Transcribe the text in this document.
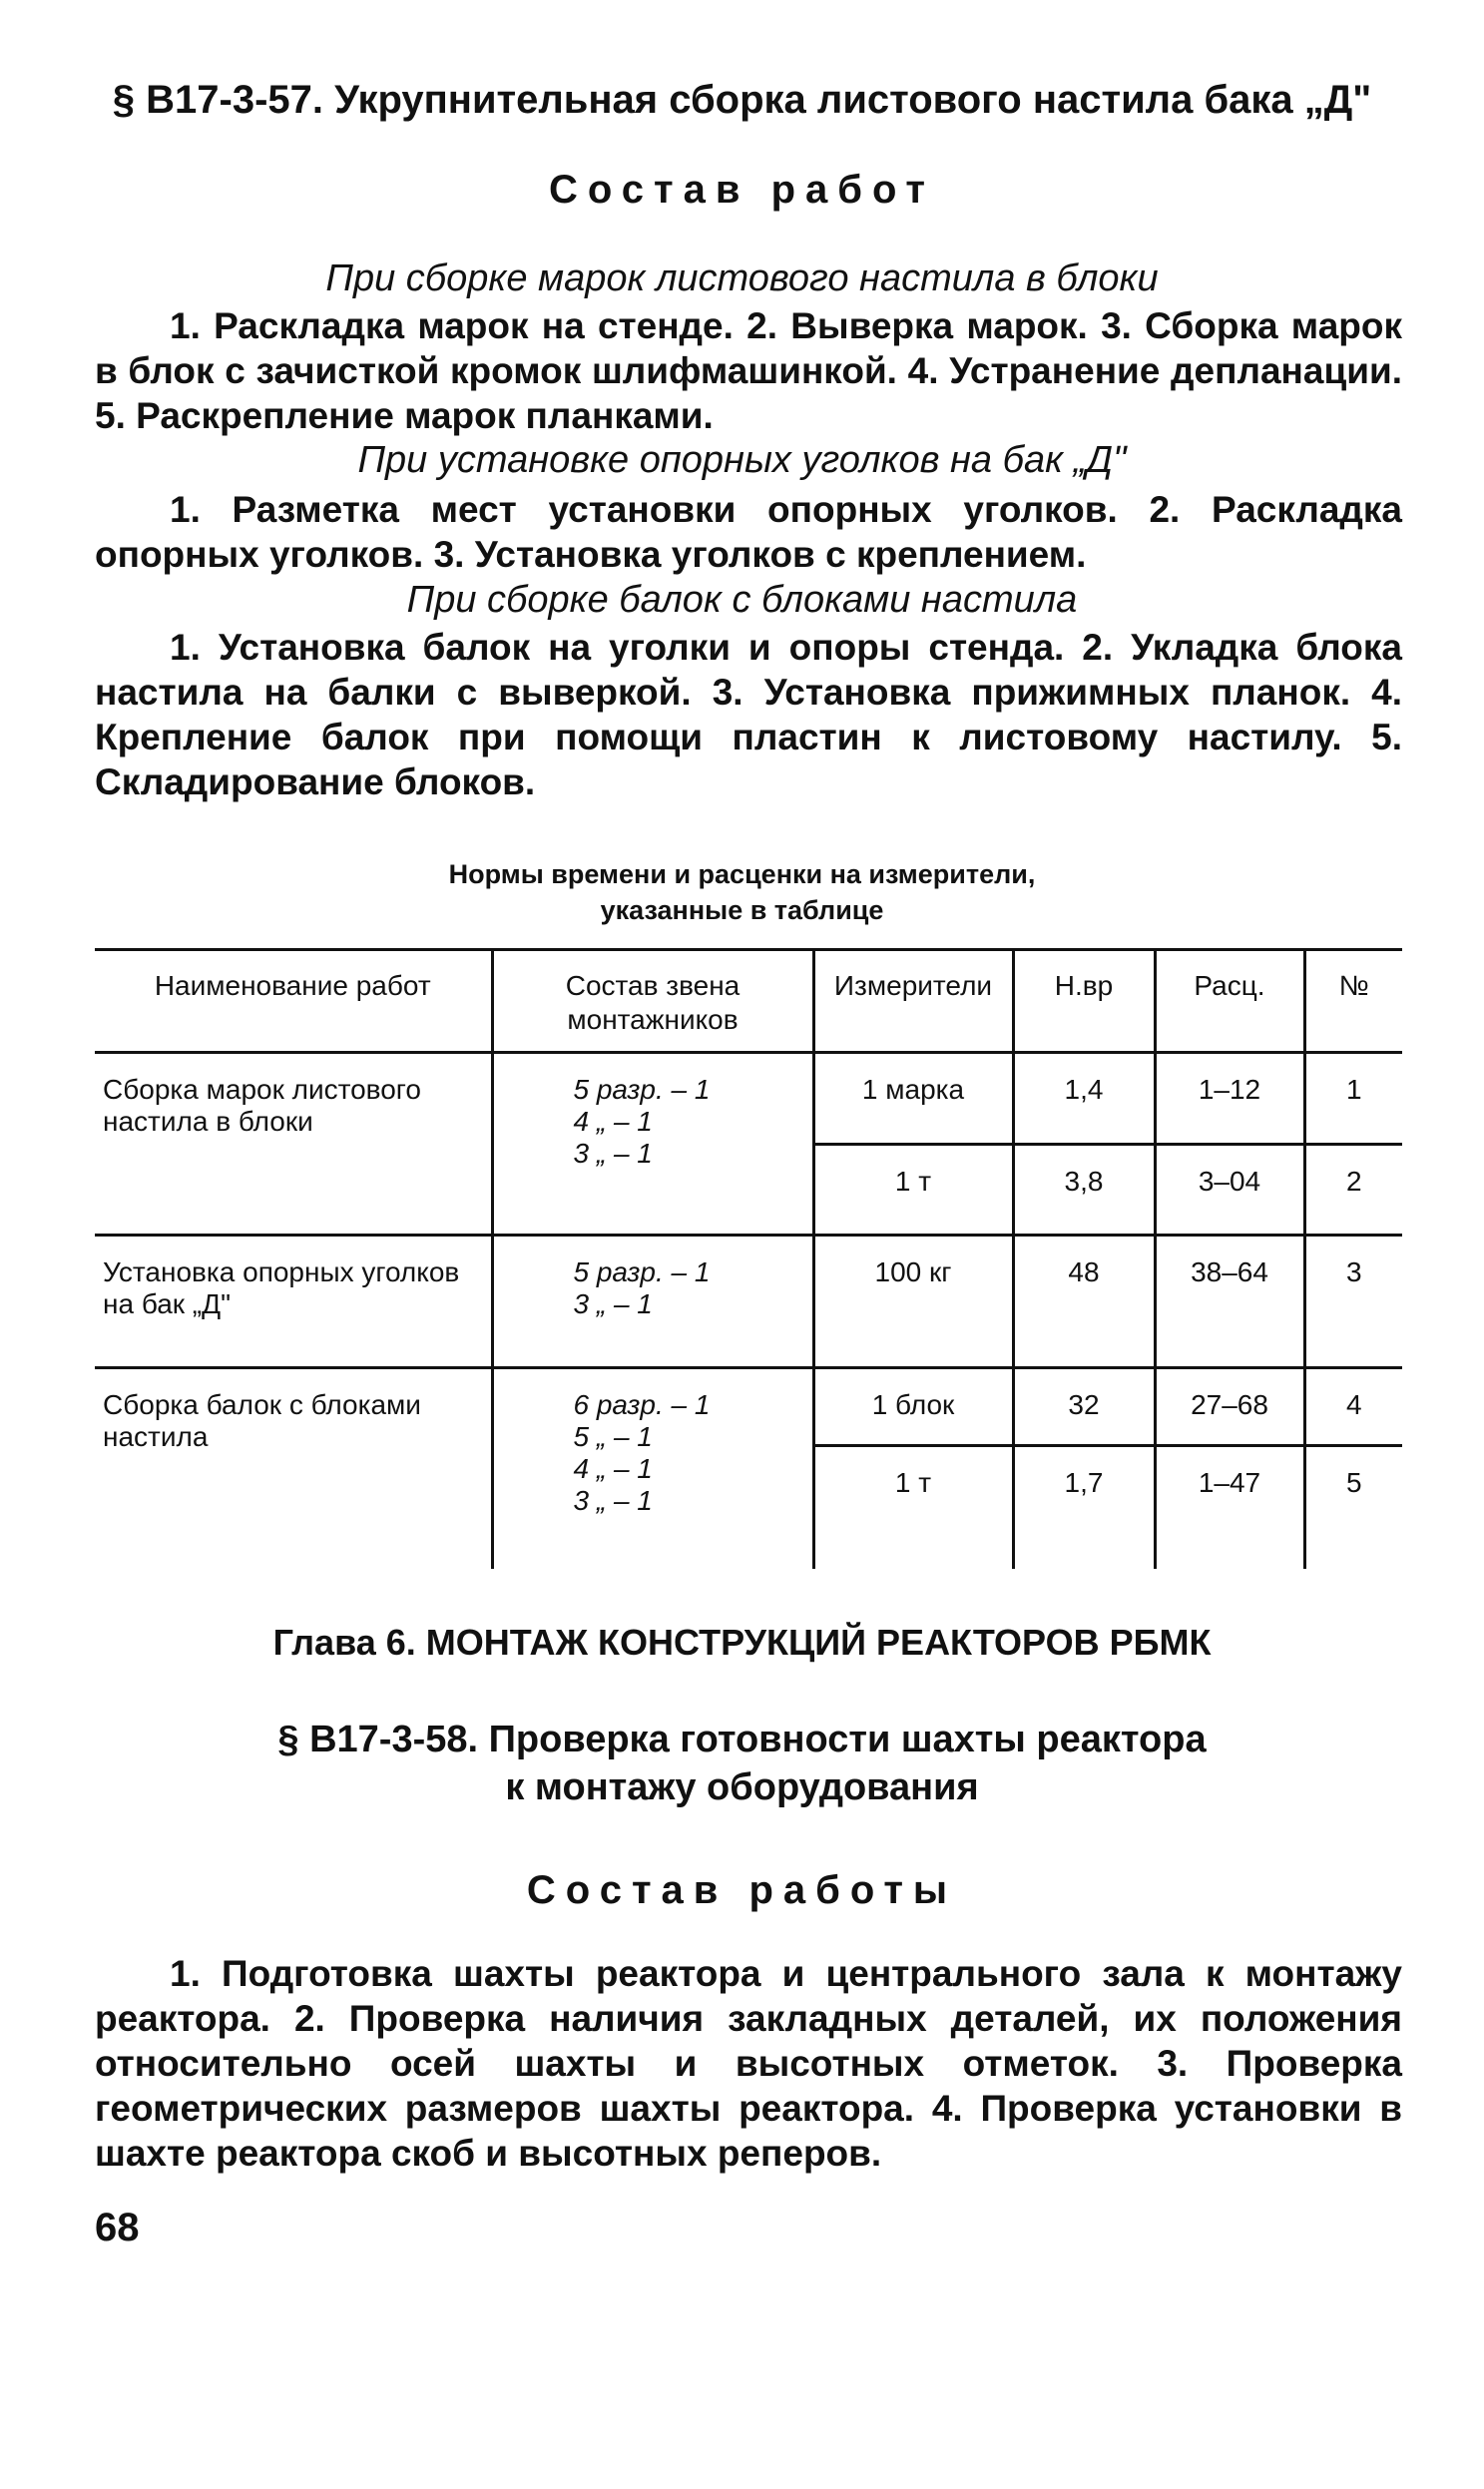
§ В17-3-57. Укрупнительная сборка листового настила бака „Д"
Состав работ
При сборке марок листового настила в блоки
1. Раскладка марок на стенде. 2. Выверка марок. 3. Сборка марок в блок с зачисткой кромок шлифмашинкой. 4. Устранение депланации. 5. Раскрепление марок планками.
При установке опорных уголков на бак „Д"
1. Разметка мест установки опорных уголков. 2. Раскладка опорных уголков. 3. Установка уголков с креплением.
При сборке балок с блоками настила
1. Установка балок на уголки и опоры стенда. 2. Укладка блока настила на балки с выверкой. 3. Установка прижимных планок. 4. Крепление балок при помощи пластин к листовому настилу. 5. Складирование блоков.
Нормы времени и расценки на измерители,
указанные в таблице
Наименование работ	Состав звена монтажников	Измерители	Н.вр	Расц.	№
Сборка марок листового настила в блоки	5 разр. – 1
4 „ – 1
3 „ – 1	1 марка	1,4	1–12	1
		1 т	3,8	3–04	2
Установка опорных уголков на бак „Д"	5 разр. – 1
3 „ – 1	100 кг	48	38–64	3
Сборка балок с блоками настила	6 разр. – 1
5 „ – 1
4 „ – 1
3 „ – 1	1 блок	32	27–68	4
		1 т	1,7	1–47	5
Глава 6. МОНТАЖ КОНСТРУКЦИЙ РЕАКТОРОВ РБМК
§ В17-3-58. Проверка готовности шахты реактора
к монтажу оборудования
Состав работы
1. Подготовка шахты реактора и центрального зала к монтажу реактора. 2. Проверка наличия закладных деталей, их положения относительно осей шахты и высотных отметок. 3. Проверка геометрических размеров шахты реактора. 4. Проверка установки в шахте реактора скоб и высотных реперов.
68
